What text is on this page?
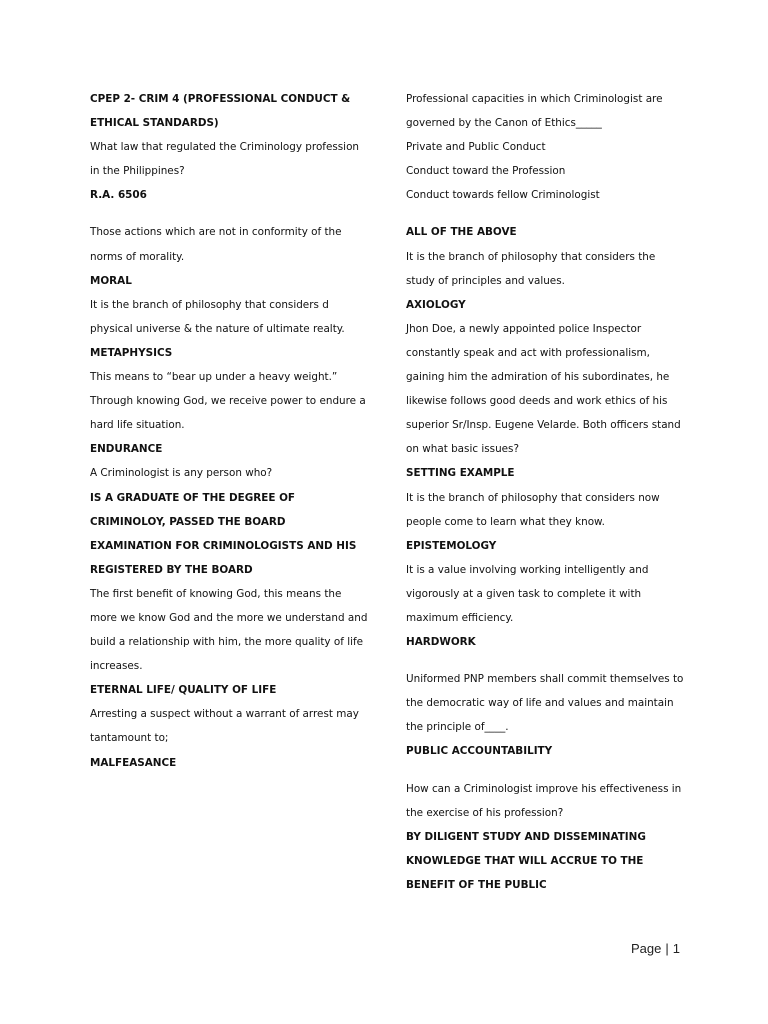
CPEP 2- CRIM 4 (PROFESSIONAL CONDUCT &
ETHICAL STANDARDS)
What law that regulated the Criminology profession
in the Philippines?
R.A. 6506
Those actions which are not in conformity of the
norms of morality.
MORAL
It is the branch of philosophy that considers d
physical universe & the nature of ultimate realty.
METAPHYSICS
This means to “bear up under a heavy weight.”
Through knowing God, we receive power to endure a
hard life situation.
ENDURANCE
A Criminologist is any person who?
IS A GRADUATE OF THE DEGREE OF
CRIMINOLOY, PASSED THE BOARD
EXAMINATION FOR CRIMINOLOGISTS AND HIS
REGISTERED BY THE BOARD
The first benefit of knowing God, this means the
more we know God and the more we understand and
build a relationship with him, the more quality of life
increases.
ETERNAL LIFE/ QUALITY OF LIFE
Arresting a suspect without a warrant of arrest may
tantamount to;
MALFEASANCE
Professional capacities in which Criminologist are
governed by the Canon of Ethics_____
Private and Public Conduct
Conduct toward the Profession
Conduct towards fellow Criminologist
ALL OF THE ABOVE
It is the branch of philosophy that considers the
study of principles and values.
AXIOLOGY
Jhon Doe, a newly appointed police Inspector
constantly speak and act with professionalism,
gaining him the admiration of his subordinates, he
likewise follows good deeds and work ethics of his
superior Sr/Insp. Eugene Velarde. Both officers stand
on what basic issues?
SETTING EXAMPLE
It is the branch of philosophy that considers now
people come to learn what they know.
EPISTEMOLOGY
It is a value involving working intelligently and
vigorously at a given task to complete it with
maximum efficiency.
HARDWORK
Uniformed PNP members shall commit themselves to
the democratic way of life and values and maintain
the principle of____.
PUBLIC ACCOUNTABILITY
How can a Criminologist improve his effectiveness in
the exercise of his profession?
BY DILIGENT STUDY AND DISSEMINATING
KNOWLEDGE THAT WILL ACCRUE TO THE
BENEFIT OF THE PUBLIC
Page | 1
